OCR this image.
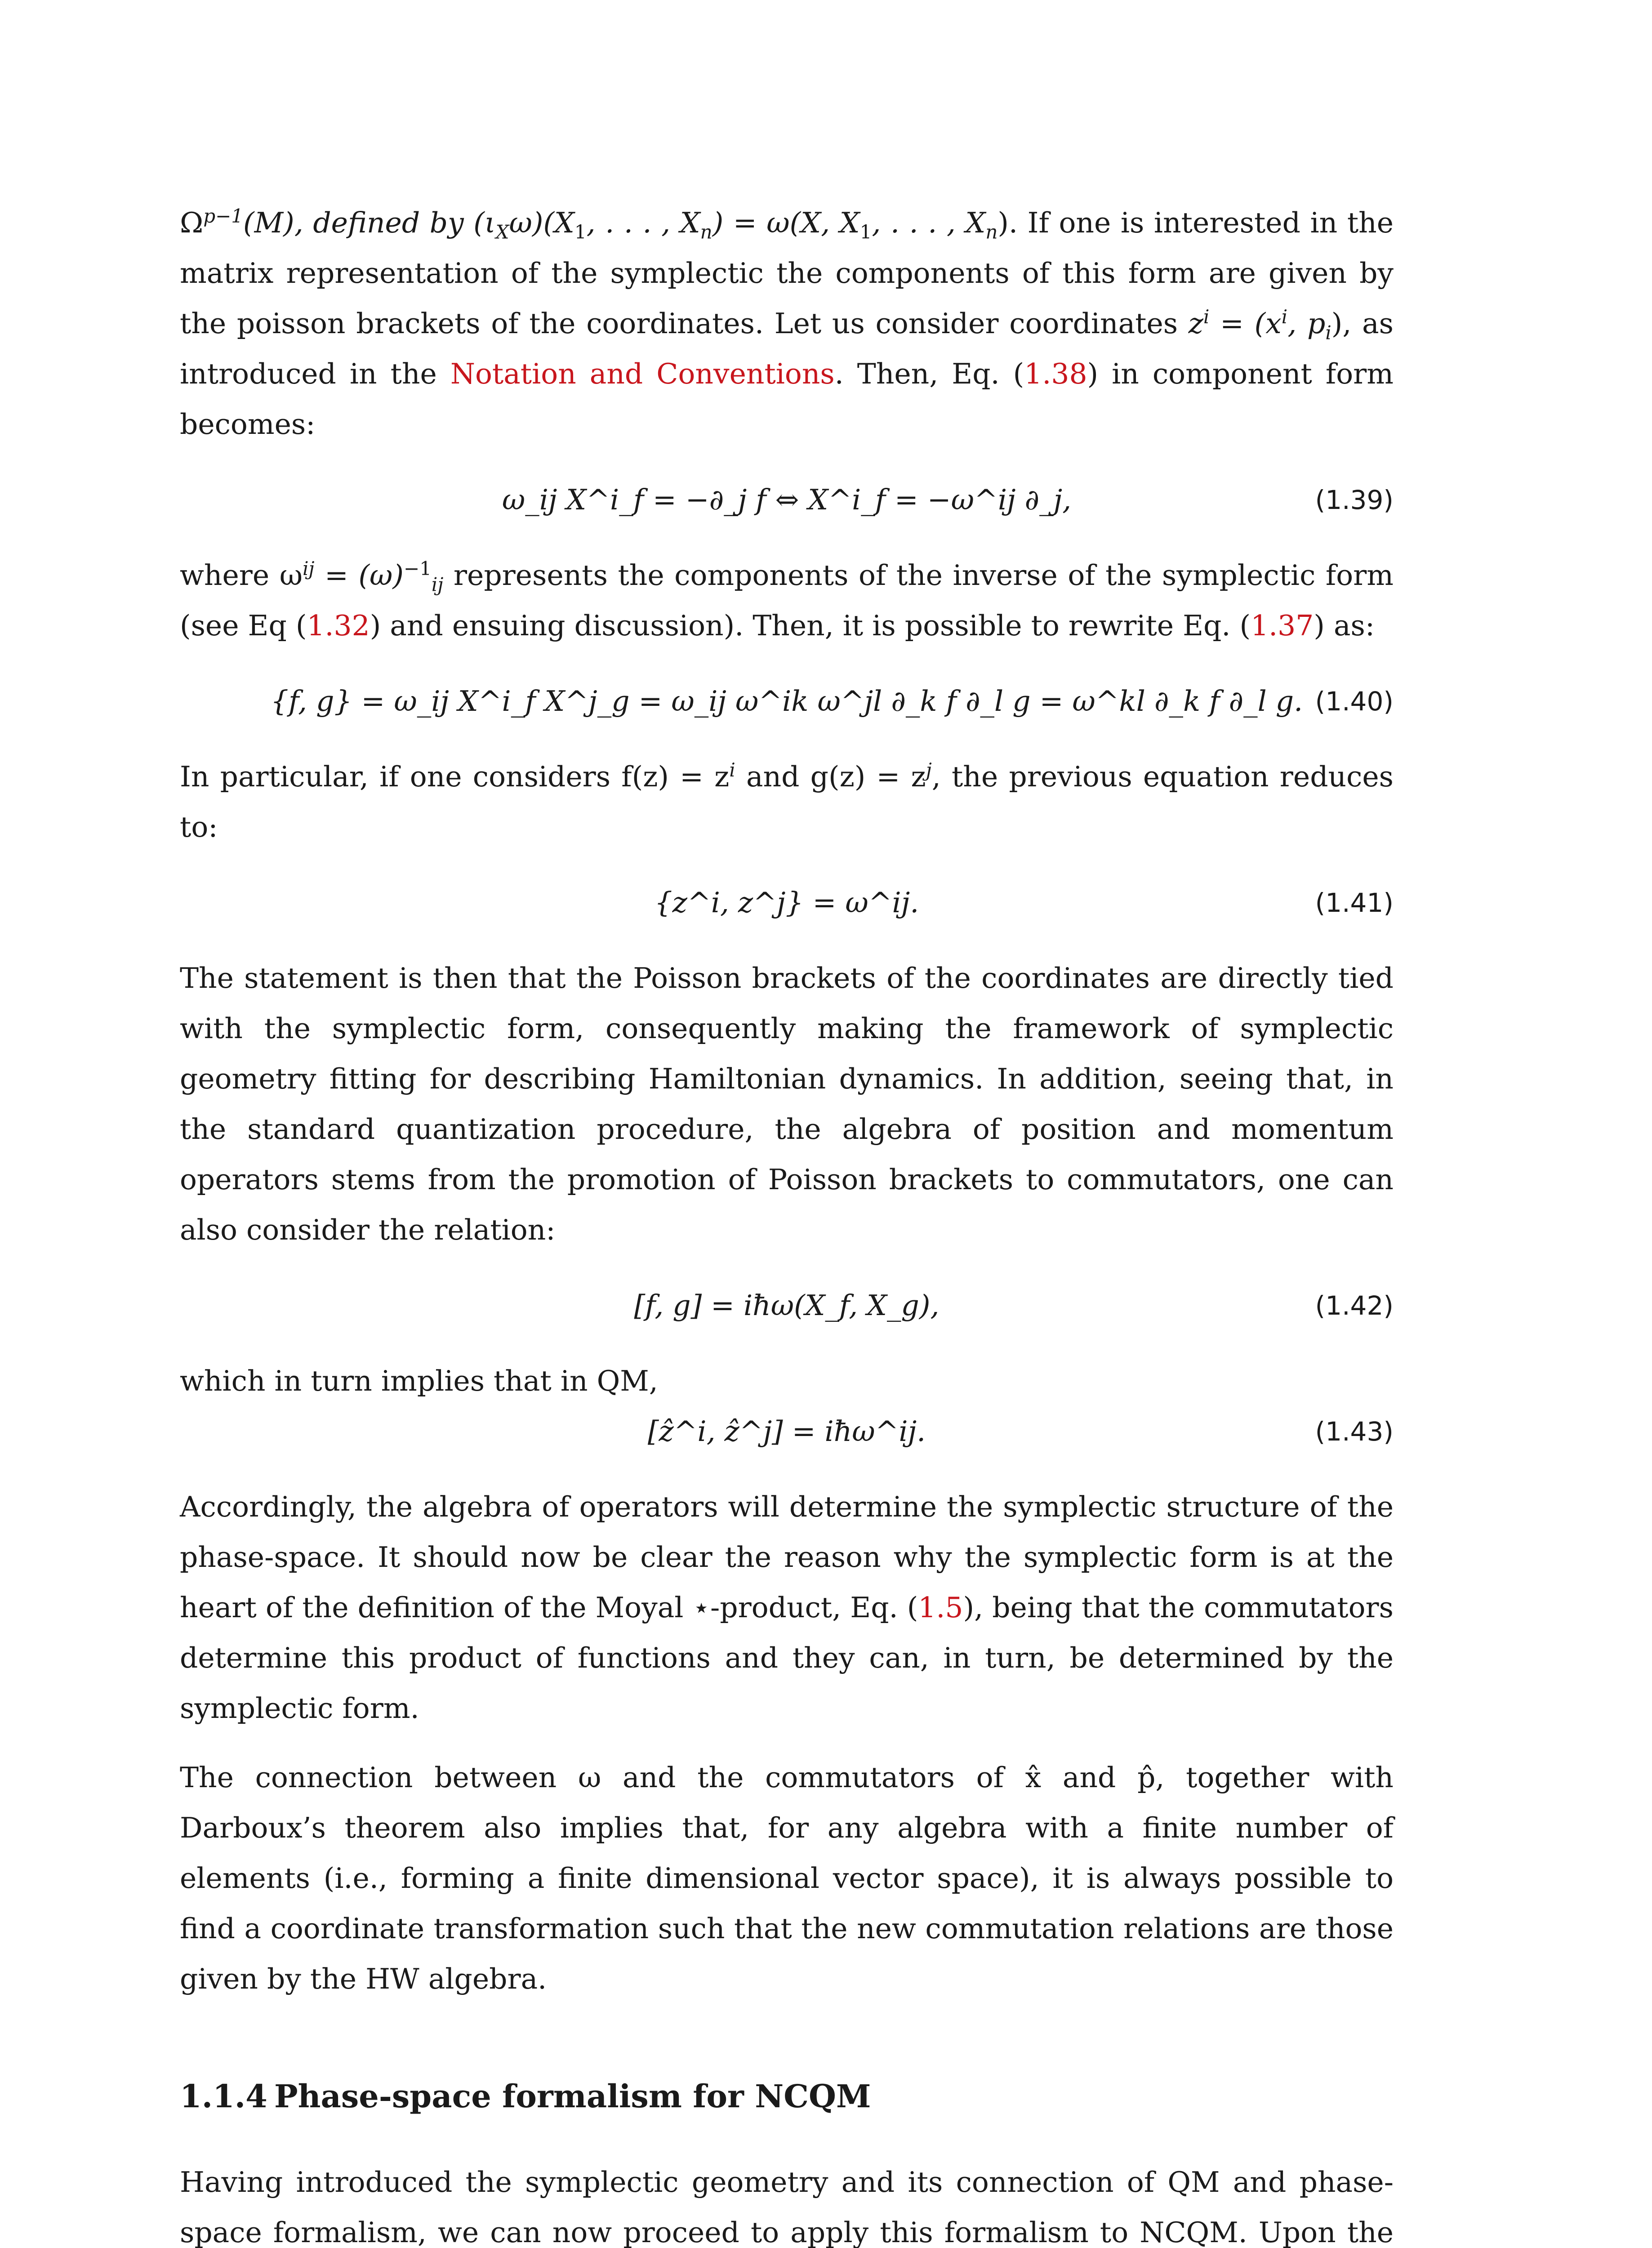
$\Omega^{p-1}(M)$, defined by $(\iota_X\omega)(X_1$, . . . , $X_n) = \omega(X$, $X_1$, . . . , $X_n$). If one is interested in the matrix representation of the symplectic the components of this form are given by the poisson brackets of the coordinates. Let us consider coordinates $z^i = (x^i$, $p_i$), as introduced in the Notation and Conventions. Then, Eq. (1.38) in component form becomes:

ω_ij X^i_f = −∂_j f ⇔ X^i_f = −ω^ij ∂_j,	(1.39)

where $\omega^{ij} = (\omega)^{-1}_{ij}$ represents the components of the inverse of the symplectic form (see Eq (1.32) and ensuing discussion). Then, it is possible to rewrite Eq. (1.37) as:

{f, g} = ω_ij X^i_f X^j_g = ω_ij ω^ik ω^jl ∂_k f ∂_l g = ω^kl ∂_k f ∂_l g. (1.40)

In particular, if one considers $f(z) = z^i$ and $g(z) = z^j$, the previous equation reduces to:

{z^i, z^j} = ω^ij.	(1.41)

The statement is then that the Poisson brackets of the coordinates are directly tied with the symplectic form, consequently making the framework of symplectic geometry fitting for describing Hamiltonian dynamics. In addition, seeing that, in the standard quantization procedure, the algebra of position and momentum operators stems from the promotion of Poisson brackets to commutators, one can also consider the relation:

[f, g] = iħω(X_f, X_g),	(1.42)

which in turn implies that in QM,

[ẑ^i, ẑ^j] = iħω^ij.	(1.43)

Accordingly, the algebra of operators will determine the symplectic structure of the phase-space. It should now be clear the reason why the symplectic form is at the heart of the definition of the Moyal ⋆-product, Eq. (1.5), being that the commutators determine this product of functions and they can, in turn, be determined by the symplectic form.

The connection between ω and the commutators of x̂ and p̂, together with Darboux’s theorem also implies that, for any algebra with a finite number of elements (i.e., forming a finite dimensional vector space), it is always possible to find a coordinate transformation such that the new commutation relations are those given by the HW algebra.

1.1.4 Phase-space formalism for NCQM

Having introduced the symplectic geometry and its connection of QM and phase-space formalism, we can now proceed to apply this formalism to NCQM. Upon the
